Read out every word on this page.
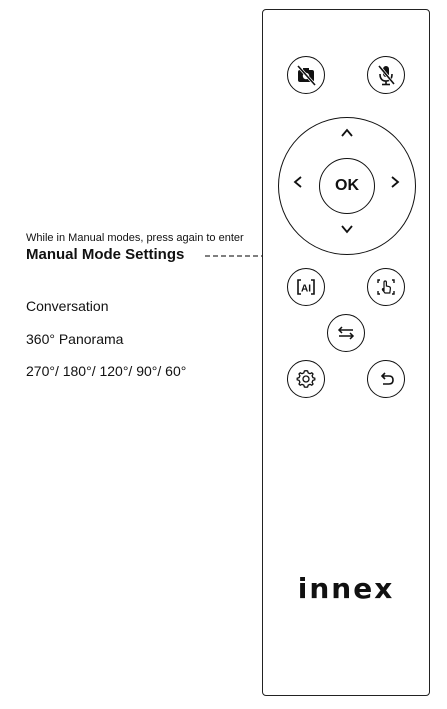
While in Manual modes, press again to enter
Manual Mode Settings
Conversation
360° Panorama
270°/ 180°/ 120°/ 90°/ 60°
OK
AI
innex
